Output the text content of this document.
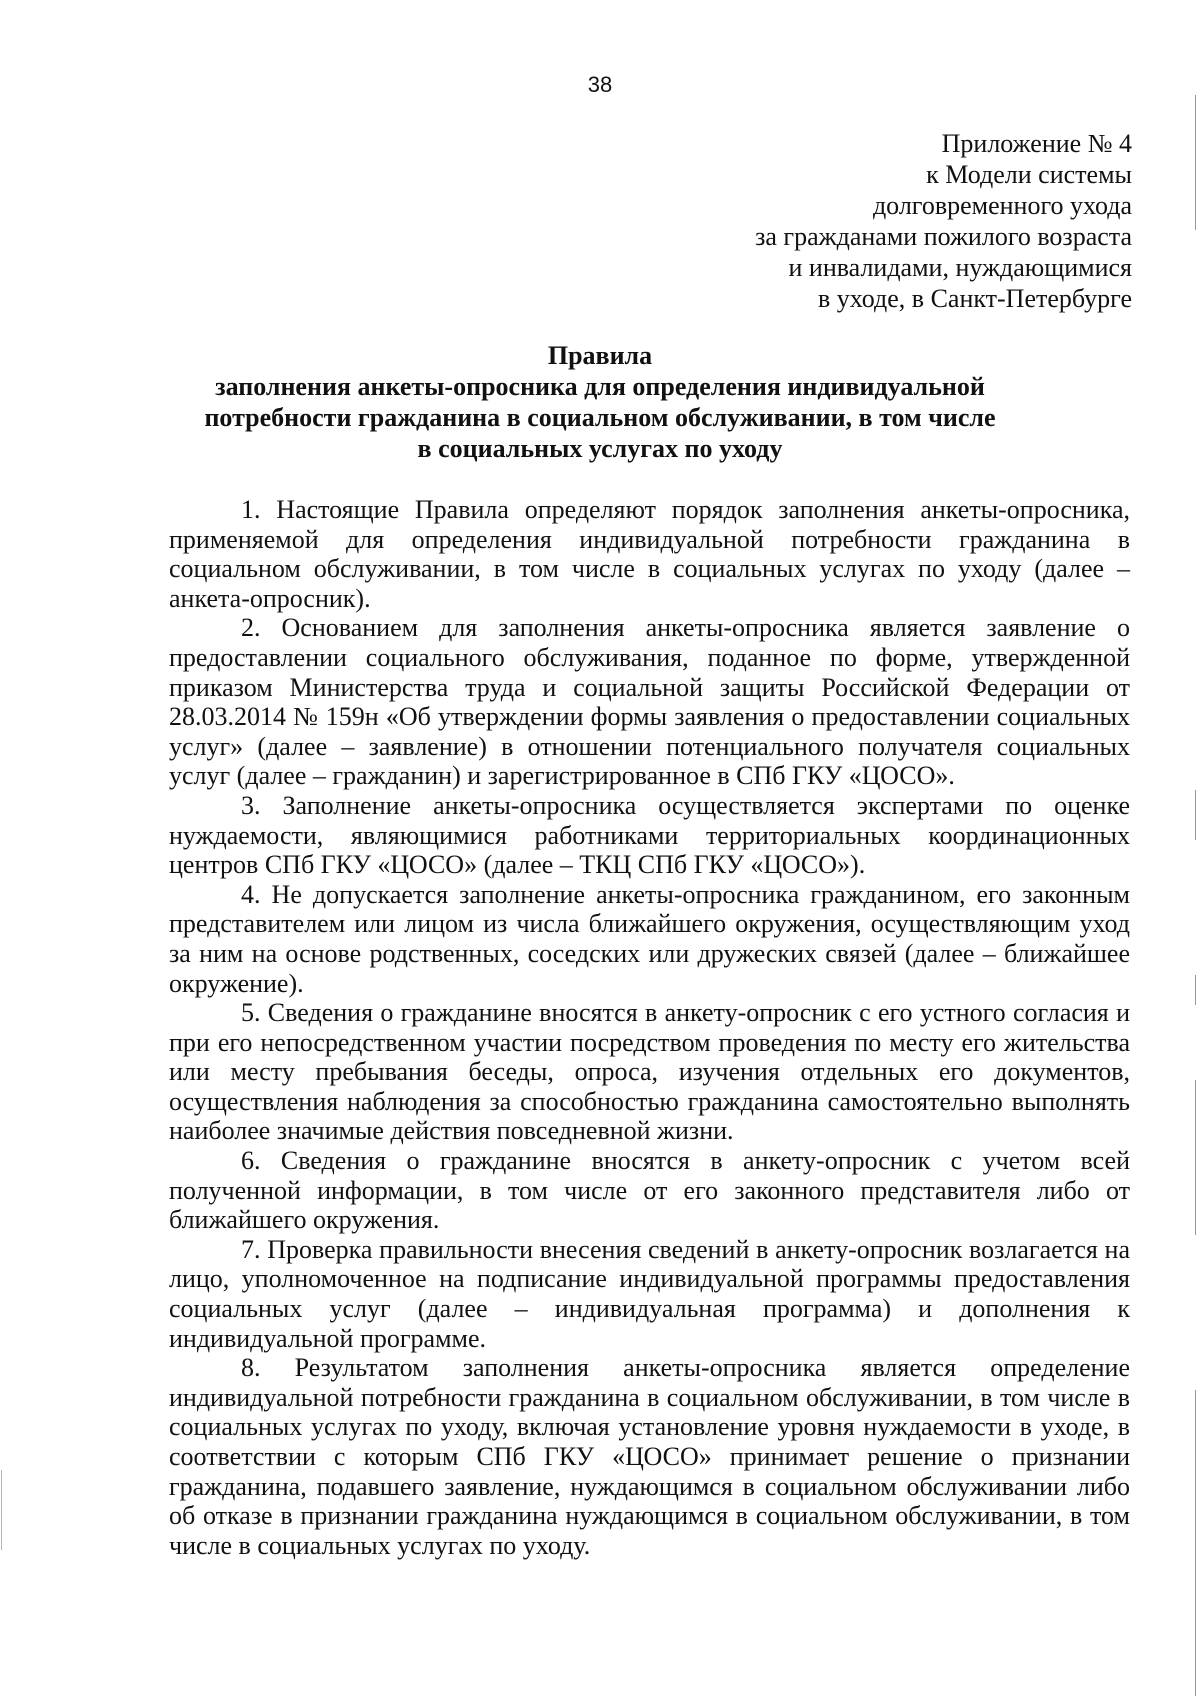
38
Приложение № 4
к Модели системы
долговременного ухода
за гражданами пожилого возраста
и инвалидами, нуждающимися
в уходе, в Санкт-Петербурге
Правила
заполнения анкеты-опросника для определения индивидуальной
потребности гражданина в социальном обслуживании, в том числе
в социальных услугах по уходу

1. Настоящие Правила определяют порядок заполнения анкеты-опросника, применяемой для определения индивидуальной потребности гражданина в социальном обслуживании, в том числе в социальных услугах по уходу (далее – анкета-опросник).

2. Основанием для заполнения анкеты-опросника является заявление о предоставлении социального обслуживания, поданное по форме, утвержденной приказом Министерства труда и социальной защиты Российской Федерации от 28.03.2014 № 159н «Об утверждении формы заявления о предоставлении социальных услуг» (далее – заявление) в отношении потенциального получателя социальных услуг (далее – гражданин) и зарегистрированное в СПб ГКУ «ЦОСО».

3. Заполнение анкеты-опросника осуществляется экспертами по оценке нуждаемости, являющимися работниками территориальных координационных центров СПб ГКУ «ЦОСО» (далее – ТКЦ СПб ГКУ «ЦОСО»).

4. Не допускается заполнение анкеты-опросника гражданином, его законным представителем или лицом из числа ближайшего окружения, осуществляющим уход за ним на основе родственных, соседских или дружеских связей (далее – ближайшее окружение).

5. Сведения о гражданине вносятся в анкету-опросник с его устного согласия и при его непосредственном участии посредством проведения по месту его жительства или месту пребывания беседы, опроса, изучения отдельных его документов, осуществления наблюдения за способностью гражданина самостоятельно выполнять наиболее значимые действия повседневной жизни.

6. Сведения о гражданине вносятся в анкету-опросник с учетом всей полученной информации, в том числе от его законного представителя либо от ближайшего окружения.

7. Проверка правильности внесения сведений в анкету-опросник возлагается на лицо, уполномоченное на подписание индивидуальной программы предоставления социальных услуг (далее – индивидуальная программа) и дополнения к индивидуальной программе.

8. Результатом заполнения анкеты-опросника является определение индивидуальной потребности гражданина в социальном обслуживании, в том числе в социальных услугах по уходу, включая установление уровня нуждаемости в уходе, в соответствии с которым СПб ГКУ «ЦОСО» принимает решение о признании гражданина, подавшего заявление, нуждающимся в социальном обслуживании либо об отказе в признании гражданина нуждающимся в социальном обслуживании, в том числе в социальных услугах по уходу.
